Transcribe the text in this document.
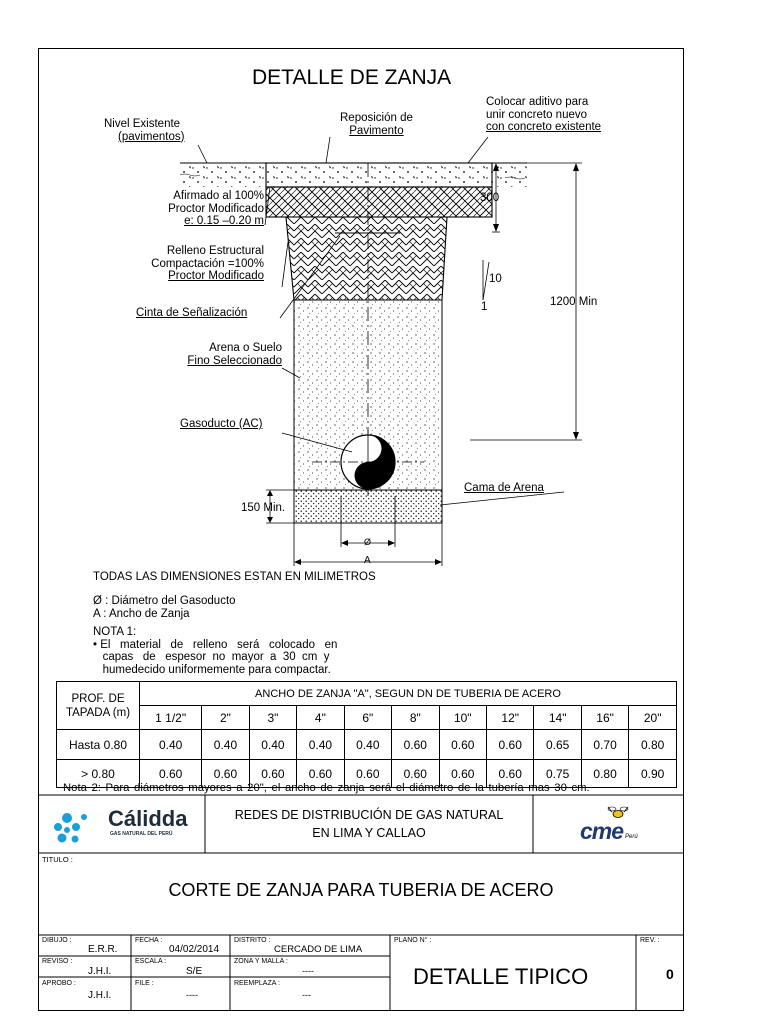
DETALLE DE ZANJA
Nivel Existente
(pavimentos)
Reposición de
Pavimento
Colocar aditivo para
unir concreto nuevo
con concreto existente
Afirmado al 100%
Proctor Modificado
e: 0.15 –0.20 m
Relleno Estructural
Compactación =100%
Proctor Modificado
Cinta de Señalización
Arena o Suelo
Fino Seleccionado
Gasoducto (AC)
Cama de Arena
300
1200 Min
150 Min.
10
1
Ø
A
TODAS LAS DIMENSIONES ESTAN EN MILIMETROS
Ø : Diámetro del Gasoducto
A : Ancho de Zanja
NOTA 1:
• El   material   de   relleno   será   colocado   en
capas   de   espesor  no  mayor  a  30  cm  y
humedecido uniformemente para compactar.
PROF. DE
TAPADA (m)	ANCHO DE ZANJA "A", SEGUN DN DE TUBERIA DE ACERO										
	1 1/2"	2"	3"	4"	6"	8"	10"	12"	14"	16"	20"
Hasta 0.80	0.40	0.40	0.40	0.40	0.40	0.60	0.60	0.60	0.65	0.70	0.80
> 0.80	0.60	0.60	0.60	0.60	0.60	0.60	0.60	0.60	0.75	0.80	0.90
Nota 2: Para diámetros mayores a 20", el ancho de zanja será el diámetro de la tubería mas 30 cm.
Cálidda
GAS NATURAL DEL PERÚ
REDES DE DISTRIBUCIÓN DE GAS NATURAL
EN LIMA Y CALLAO	cme Perú
TITULO :
CORTE DE ZANJA PARA TUBERIA DE ACERO
DIBUJO :
E.R.R.
FECHA :
04/02/2014
DISTRITO :
CERCADO DE LIMA
REVISO :
J.H.I.
ESCALA :
S/E
ZONA Y MALLA :
----
APROBO :
J.H.I.
FILE :
----
REEMPLAZA :
---
PLANO N° :
DETALLE TIPICO
REV. :
0
